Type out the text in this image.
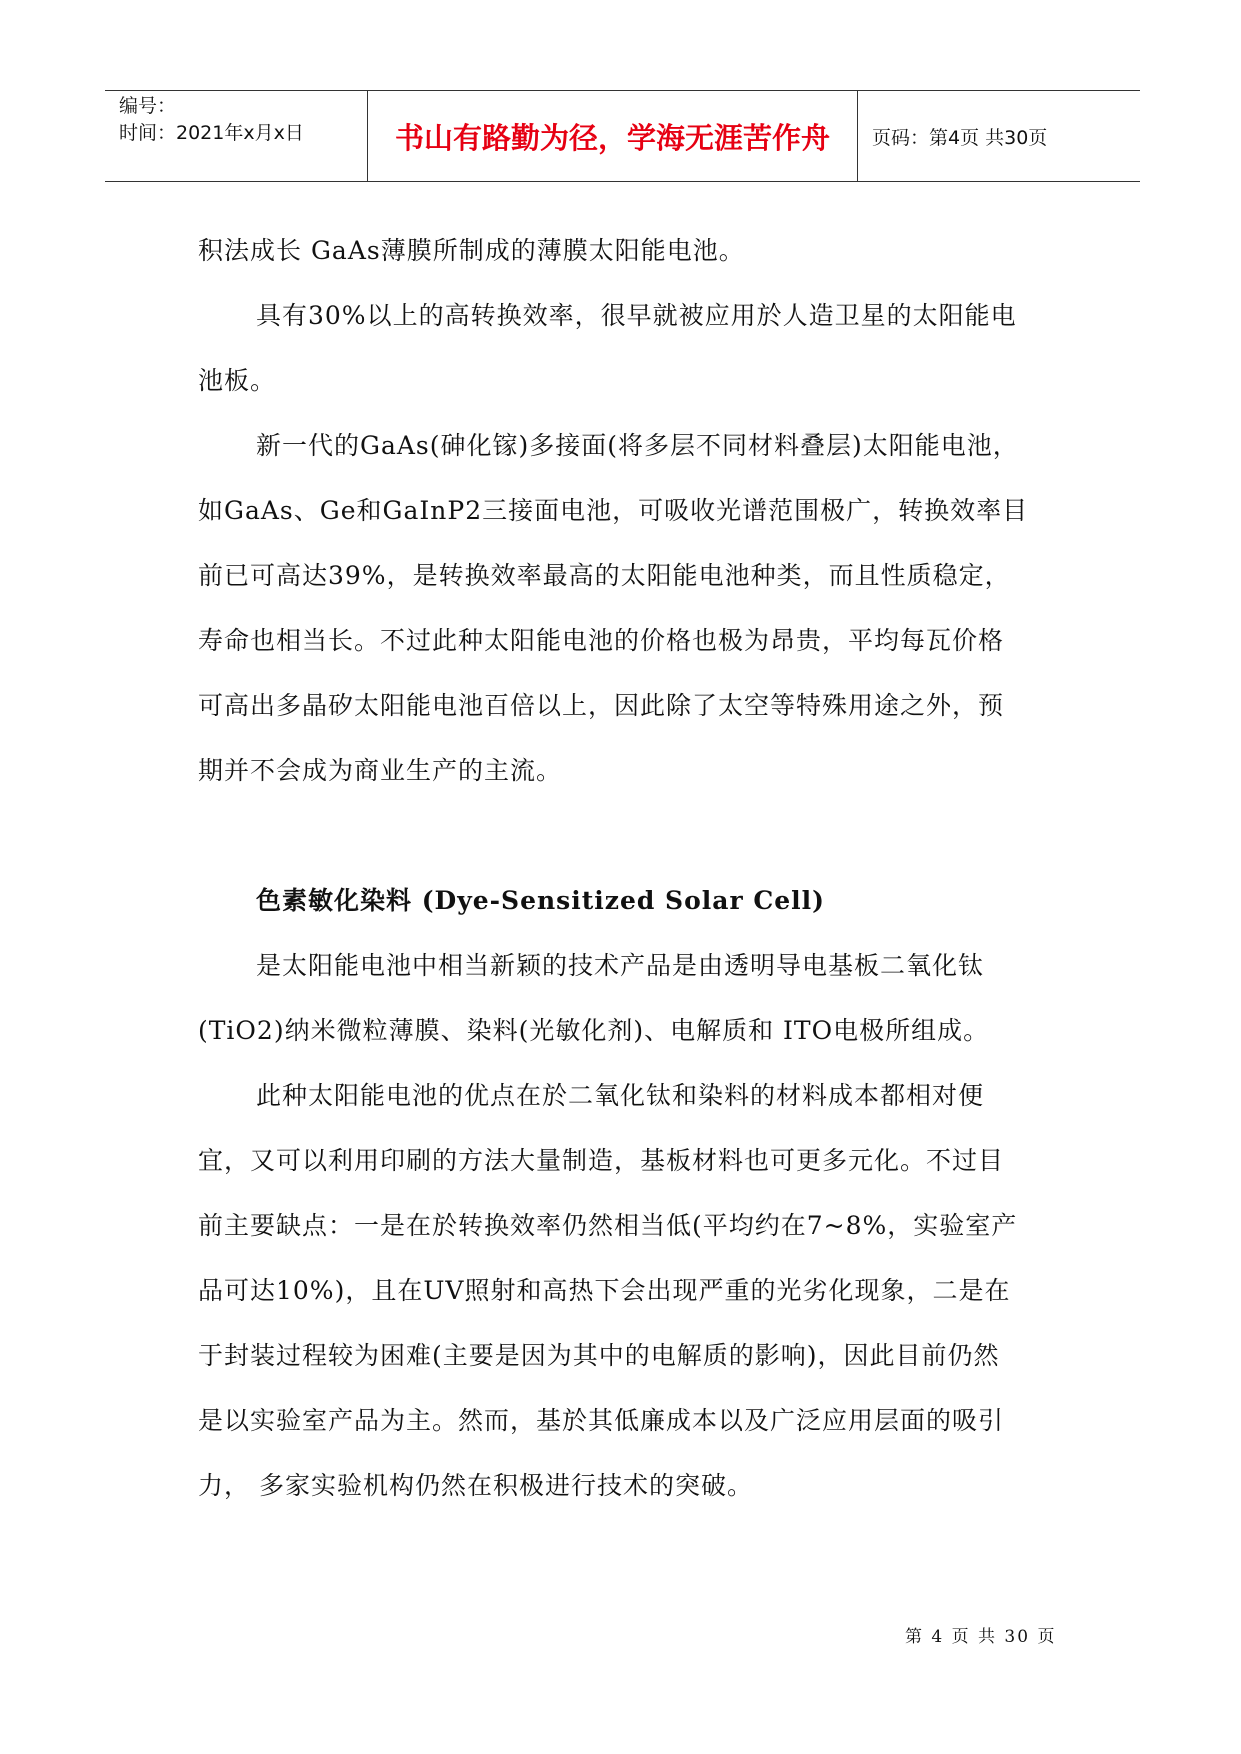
编号：
时间：2021年x月x日	书山有路勤为径，学海无涯苦作舟	页码：第4页 共30页

积法成长 GaAs薄膜所制成的薄膜太阳能电池。

具有30%以上的高转换效率，很早就被应用於人造卫星的太阳能电

池板。

新一代的GaAs(砷化镓)多接面(将多层不同材料叠层)太阳能电池，

如GaAs、Ge和GaInP2三接面电池，可吸收光谱范围极广，转换效率目

前已可高达39%，是转换效率最高的太阳能电池种类，而且性质稳定，

寿命也相当长。不过此种太阳能电池的价格也极为昂贵，平均每瓦价格

可高出多晶矽太阳能电池百倍以上，因此除了太空等特殊用途之外，预

期并不会成为商业生产的主流。

色素敏化染料 (Dye-Sensitized Solar Cell)

是太阳能电池中相当新颖的技术产品是由透明导电基板二氧化钛

(TiO2)纳米微粒薄膜、染料(光敏化剂)、电解质和 ITO电极所组成。

此种太阳能电池的优点在於二氧化钛和染料的材料成本都相对便

宜，又可以利用印刷的方法大量制造，基板材料也可更多元化。不过目

前主要缺点：一是在於转换效率仍然相当低(平均约在7~8%，实验室产

品可达10%)，且在UV照射和高热下会出现严重的光劣化现象，二是在

于封装过程较为困难(主要是因为其中的电解质的影响)，因此目前仍然

是以实验室产品为主。然而，基於其低廉成本以及广泛应用层面的吸引

力， 多家实验机构仍然在积极进行技术的突破。

第 4 页 共 30 页
